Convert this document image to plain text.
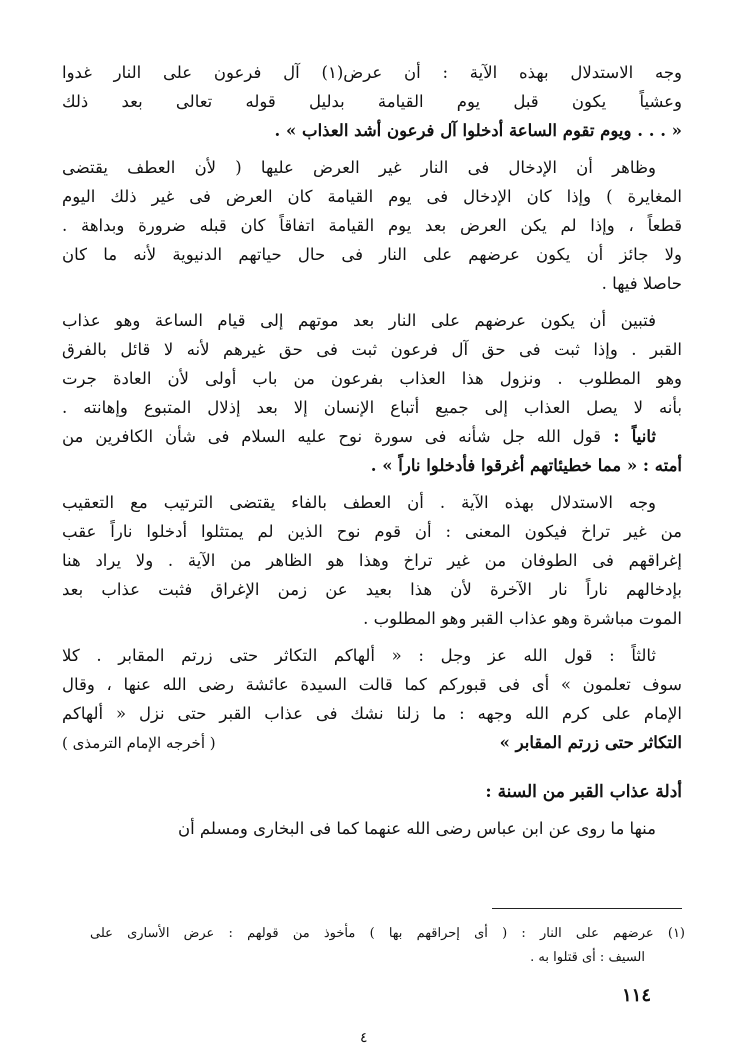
وجه الاستدلال بهذه الآية : أن عرض(١) آل فرعون على النار غدوا
وعشياً يكون قبل يوم القيامة بدليل قوله تعالى بعد ذلك
« . . . ويوم تقوم الساعة أدخلوا آل فرعون أشد العذاب » .
وظاهر أن الإدخال فى النار غير العرض عليها ( لأن العطف يقتضى
المغايرة ) وإذا كان الإدخال فى يوم القيامة كان العرض فى غير ذلك اليوم
قطعاً ، وإذا لم يكن العرض بعد يوم القيامة اتفاقاً كان قبله ضرورة وبداهة .
ولا جائز أن يكون عرضهم على النار فى حال حياتهم الدنيوية لأنه ما كان
حاصلا فيها .
فتبين أن يكون عرضهم على النار بعد موتهم إلى قيام الساعة وهو عذاب
القبر . وإذا ثبت فى حق آل فرعون ثبت فى حق غيرهم لأنه لا قائل بالفرق
وهو المطلوب . ونزول هذا العذاب بفرعون من باب أولى لأن العادة جرت
بأنه لا يصل العذاب إلى جميع أتباع الإنسان إلا بعد إذلال المتبوع وإهانته .
ثانياً : قول الله جل شأنه فى سورة نوح عليه السلام فى شأن الكافرين من
أمته : « مما خطيئاتهم أغرقوا فأدخلوا ناراً » .
وجه الاستدلال بهذه الآية . أن العطف بالفاء يقتضى الترتيب مع التعقيب
من غير تراخ فيكون المعنى : أن قوم نوح الذين لم يمتثلوا أدخلوا ناراً عقب
إغراقهم فى الطوفان من غير تراخ وهذا هو الظاهر من الآية . ولا يراد هنا
بإدخالهم ناراً نار الآخرة لأن هذا بعيد عن زمن الإغراق فثبت عذاب بعد
الموت مباشرة وهو عذاب القبر وهو المطلوب .
ثالثاً : قول الله عز وجل : « ألهاكم التكاثر حتى زرتم المقابر . كلا
سوف تعلمون » أى فى قبوركم كما قالت السيدة عائشة رضى الله عنها ، وقال
الإمام على كرم الله وجهه : ما زلنا نشك فى عذاب القبر حتى نزل « ألهاكم
التكاثر حتى زرتم المقابر »
( أخرجه الإمام الترمذى )
أدلة عذاب القبر من السنة :
منها ما روى عن ابن عباس رضى الله عنهما كما فى البخارى ومسلم أن
(١) عرضهم على النار : ( أى إحراقهم بها ) مأخوذ من قولهم : عرض الأسارى على
السيف : أى قتلوا به .
١١٤
٤
